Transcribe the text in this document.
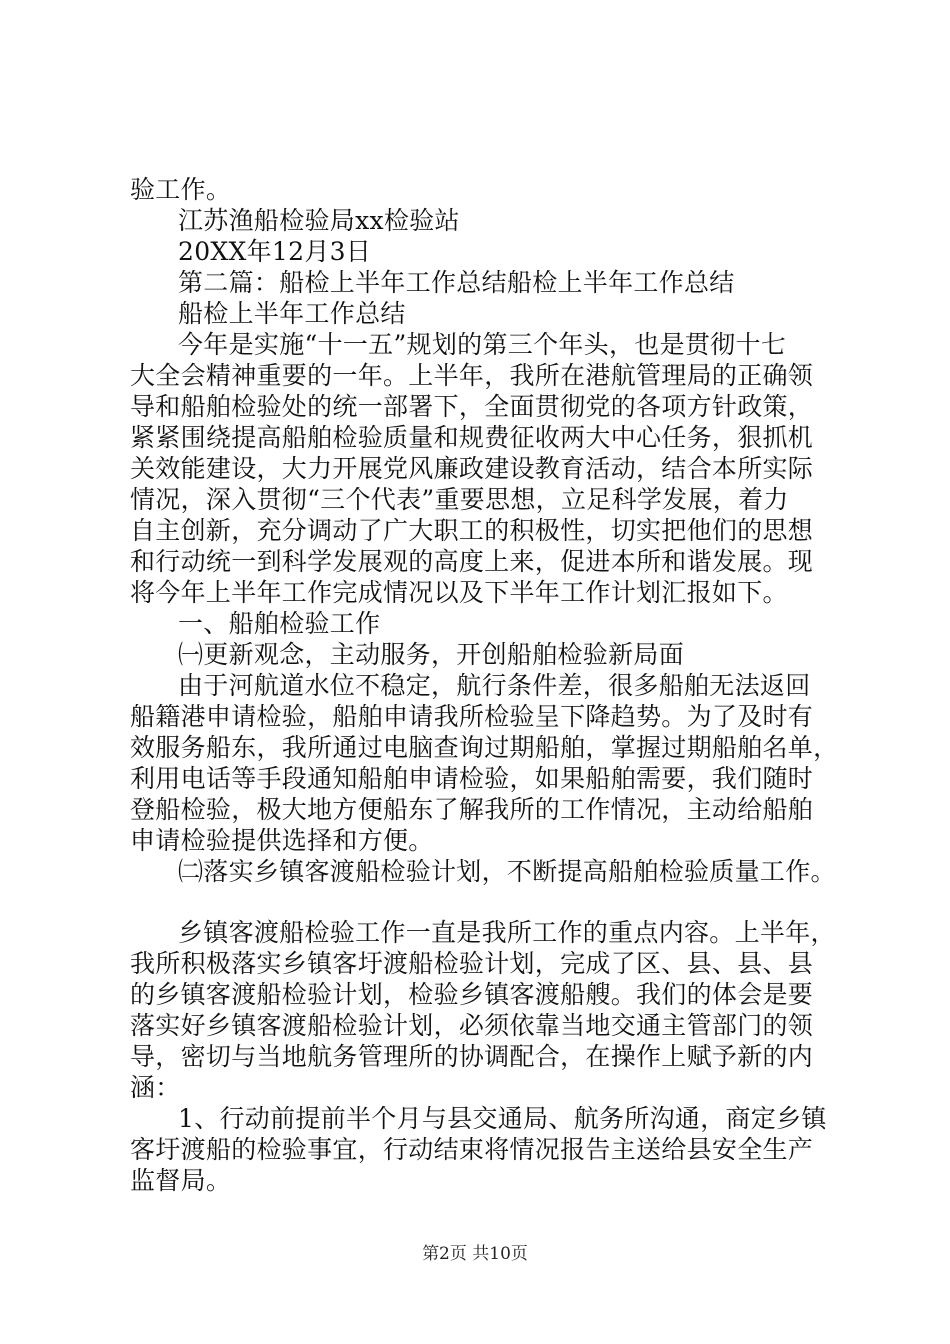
验工作。
江苏渔船检验局xx检验站
20XX年12月3日
第二篇：船检上半年工作总结船检上半年工作总结
船检上半年工作总结
今年是实施“十一五”规划的第三个年头，也是贯彻十七
大全会精神重要的一年。上半年，我所在港航管理局的正确领
导和船舶检验处的统一部署下，全面贯彻党的各项方针政策，
紧紧围绕提高船舶检验质量和规费征收两大中心任务，狠抓机
关效能建设，大力开展党风廉政建设教育活动，结合本所实际
情况，深入贯彻“三个代表”重要思想，立足科学发展，着力
自主创新，充分调动了广大职工的积极性，切实把他们的思想
和行动统一到科学发展观的高度上来，促进本所和谐发展。现
将今年上半年工作完成情况以及下半年工作计划汇报如下。
一、船舶检验工作
㈠更新观念，主动服务，开创船舶检验新局面
由于河航道水位不稳定，航行条件差，很多船舶无法返回
船籍港申请检验，船舶申请我所检验呈下降趋势。为了及时有
效服务船东，我所通过电脑查询过期船舶，掌握过期船舶名单，
利用电话等手段通知船舶申请检验，如果船舶需要，我们随时
登船检验，极大地方便船东了解我所的工作情况，主动给船舶
申请检验提供选择和方便。
㈡落实乡镇客渡船检验计划，不断提高船舶检验质量工作。
乡镇客渡船检验工作一直是我所工作的重点内容。上半年，
我所积极落实乡镇客圩渡船检验计划，完成了区、县、县、县
的乡镇客渡船检验计划，检验乡镇客渡船艘。我们的体会是要
落实好乡镇客渡船检验计划，必须依靠当地交通主管部门的领
导，密切与当地航务管理所的协调配合，在操作上赋予新的内
涵：
1、行动前提前半个月与县交通局、航务所沟通，商定乡镇
客圩渡船的检验事宜，行动结束将情况报告主送给县安全生产
监督局。
第2页 共10页
